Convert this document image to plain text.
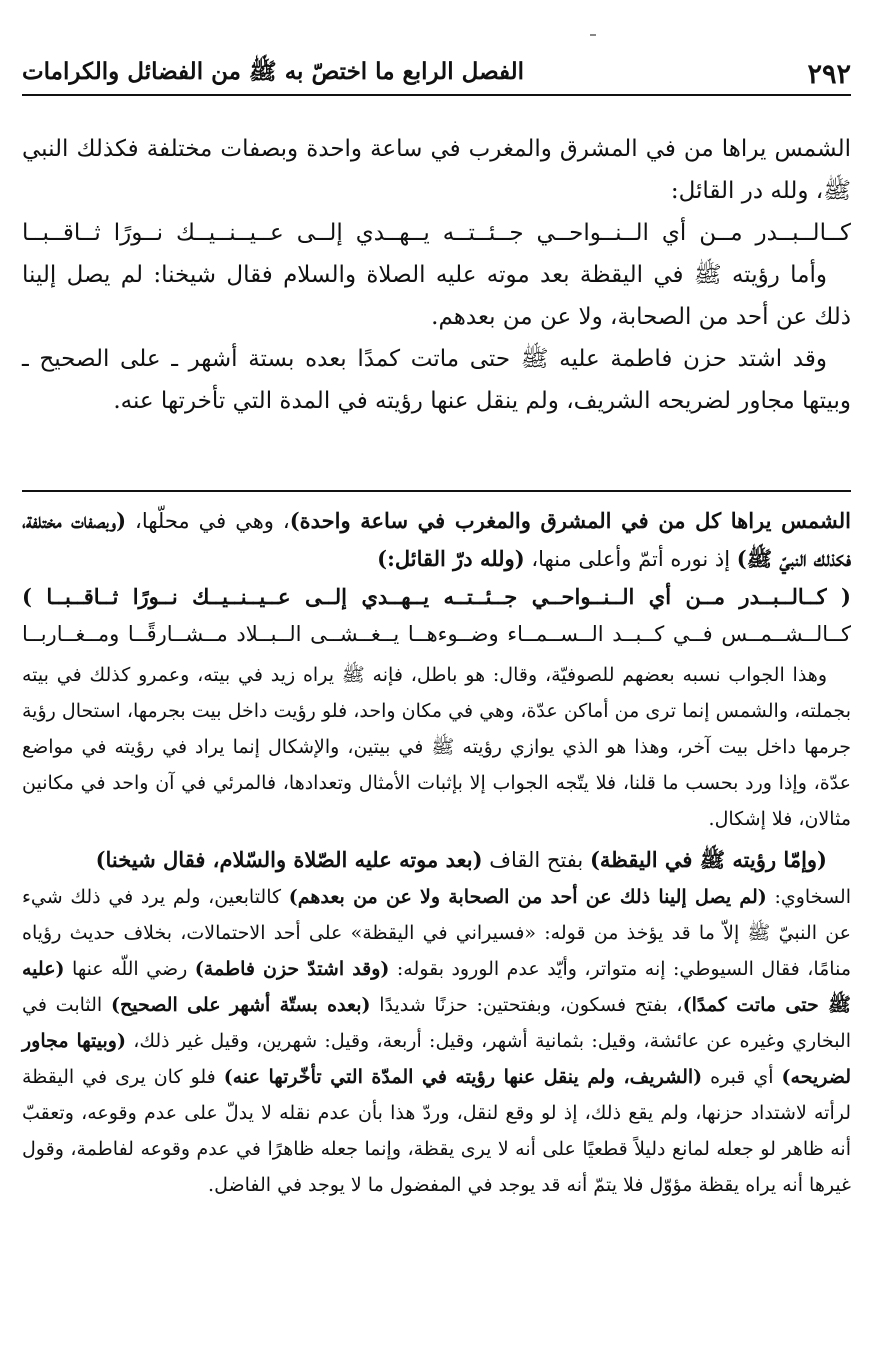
٢٩٢
الفصل الرابع ما اختصّ به ﷺ من الفضائل والكرامات

الشمس يراها من في المشرق والمغرب في ساعة واحدة وبصفات مختلفة فكذلك النبي ﷺ، ولله در القائل:

كــالــبــدر مــن أي الــنــواحــي جــئــتــه يــهــدي إلــى عــيــنــيــك نــورًا ثــاقــبــا

وأما رؤيته ﷺ في اليقظة بعد موته عليه الصلاة والسلام فقال شيخنا: لم يصل إلينا ذلك عن أحد من الصحابة، ولا عن من بعدهم.

وقد اشتد حزن فاطمة عليه ﷺ حتى ماتت كمدًا بعده بستة أشهر ـ على الصحيح ـ وبيتها مجاور لضريحه الشريف، ولم ينقل عنها رؤيته في المدة التي تأخرتها عنه.

الشمس يراها كل من في المشرق والمغرب في ساعة واحدة)، وهي في محلّها، (وبصفات مختلفة، فكذلك النبيّ ﷺ) إذ نوره أتمّ وأعلى منها، (ولله درّ القائل:)

( كــالــبــدر مــن أي الــنــواحــي جــئــتــه يــهــدي إلــى عــيــنــيــك نــورًا ثــاقــبــا )

كــالــشــمــس فــي كــبــد الــســمــاء وضــوءهــا يــغــشــى الــبــلاد مــشــارقًــا ومــغــاربــا

وهذا الجواب نسبه بعضهم للصوفيّة، وقال: هو باطل، فإنه ﷺ يراه زيد في بيته، وعمرو كذلك في بيته بجملته، والشمس إنما ترى من أماكن عدّة، وهي في مكان واحد، فلو رؤيت داخل بيت بجرمها، استحال رؤية جرمها داخل بيت آخر، وهذا هو الذي يوازي رؤيته ﷺ في بيتين، والإشكال إنما يراد في رؤيته في مواضع عدّة، وإذا ورد بحسب ما قلنا، فلا يتّجه الجواب إلا بإثبات الأمثال وتعدادها، فالمرئي في آن واحد في مكانين مثالان، فلا إشكال.

(وإمّا رؤيته ﷺ في اليقظة) بفتح القاف (بعد موته عليه الصّلاة والسّلام، فقال شيخنا)

السخاوي: (لم يصل إلينا ذلك عن أحد من الصحابة ولا عن من بعدهم) كالتابعين، ولم يرد في ذلك شيء عن النبيّ ﷺ إلاّ ما قد يؤخذ من قوله: «فسيراني في اليقظة» على أحد الاحتمالات، بخلاف حديث رؤياه منامًا، فقال السيوطي: إنه متواتر، وأيّد عدم الورود بقوله: (وقد اشتدّ حزن فاطمة) رضي اللّه عنها (عليه ﷺ حتى ماتت كمدًا)، بفتح فسكون، وبفتحتين: حزنًا شديدًا (بعده بستّة أشهر على الصحيح) الثابت في البخاري وغيره عن عائشة، وقيل: بثمانية أشهر، وقيل: أربعة، وقيل: شهرين، وقيل غير ذلك، (وبيتها مجاور لضريحه) أي قبره (الشريف، ولم ينقل عنها رؤيته في المدّة التي تأخّرتها عنه) فلو كان يرى في اليقظة لرأته لاشتداد حزنها، ولم يقع ذلك، إذ لو وقع لنقل، وردّ هذا بأن عدم نقله لا يدلّ على عدم وقوعه، وتعقبّ أنه ظاهر لو جعله لمانع دليلاً قطعيًا على أنه لا يرى يقظة، وإنما جعله ظاهرًا في عدم وقوعه لفاطمة، وقول غيرها أنه يراه يقظة مؤوّل فلا يتمّ أنه قد يوجد في المفضول ما لا يوجد في الفاضل.
